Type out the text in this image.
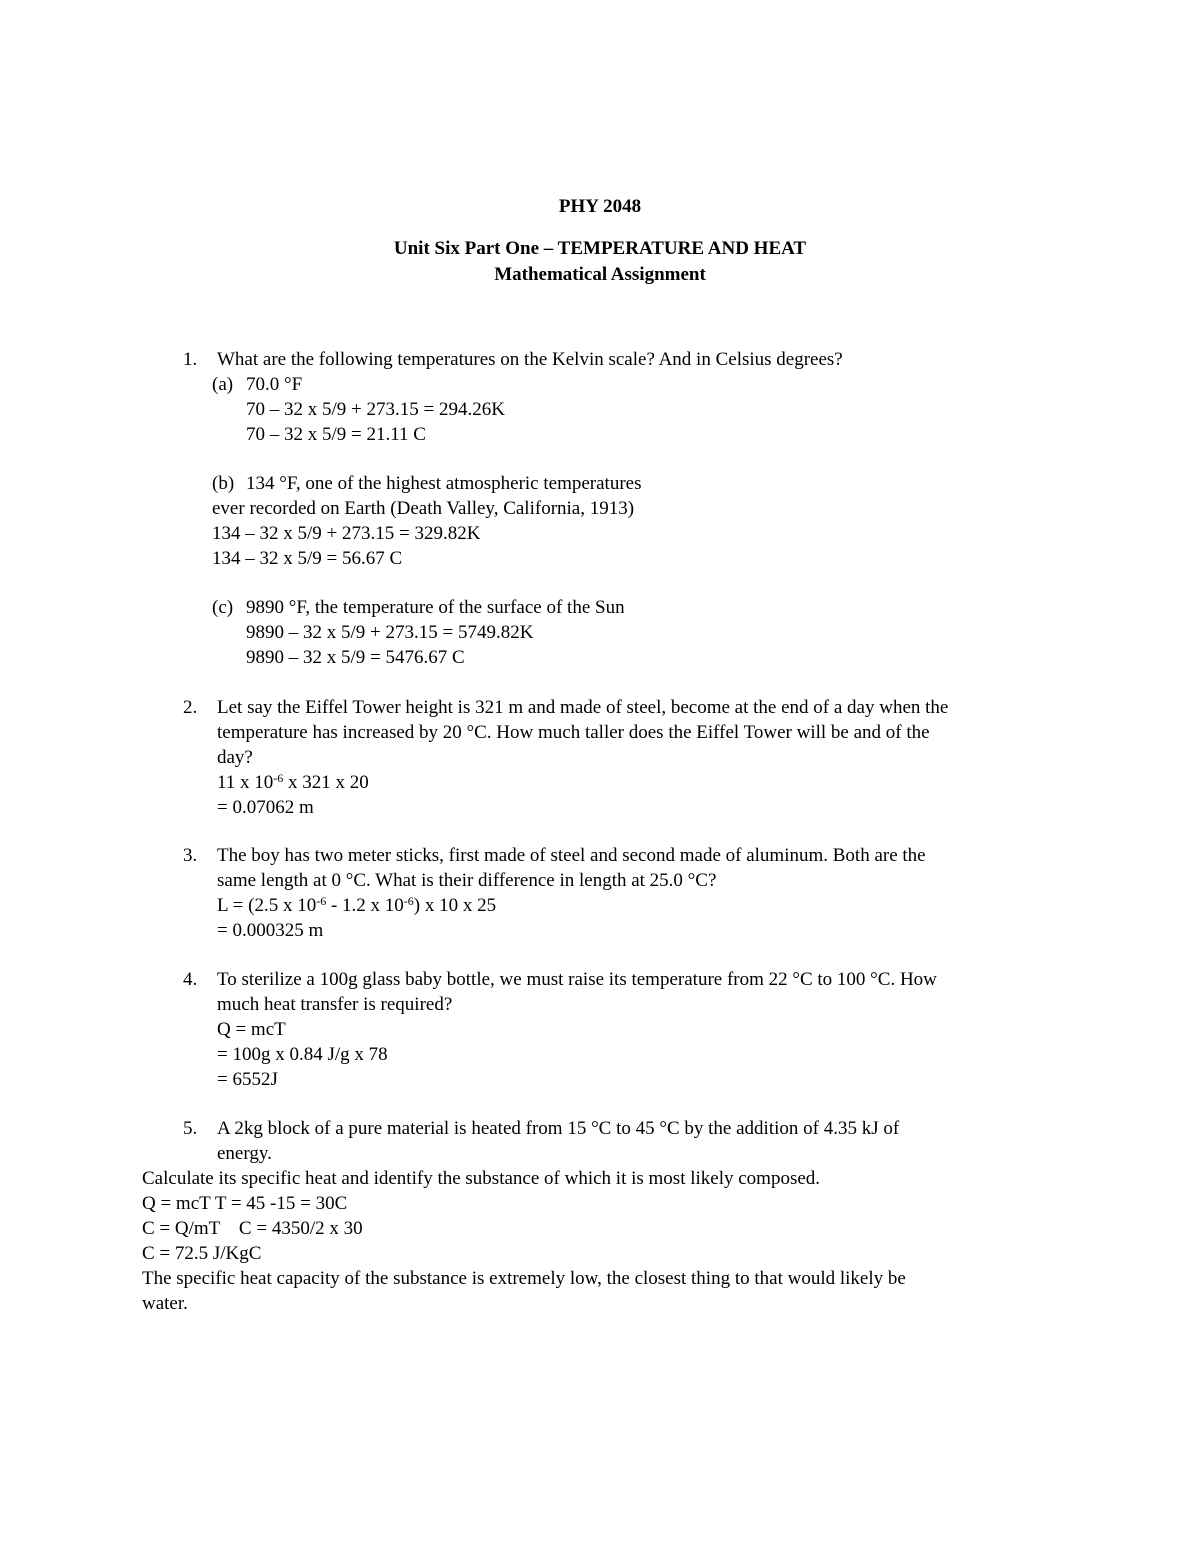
PHY 2048
Unit Six Part One – TEMPERATURE AND HEAT
Mathematical Assignment
1. What are the following temperatures on the Kelvin scale? And in Celsius degrees?
(a) 70.0 °F
70 – 32 x 5/9 + 273.15 = 294.26K
70 – 32 x 5/9 = 21.11 C
(b) 134 °F, one of the highest atmospheric temperatures
ever recorded on Earth (Death Valley, California, 1913)
134 – 32 x 5/9 + 273.15 = 329.82K
134 – 32 x 5/9 = 56.67 C
(c) 9890 °F, the temperature of the surface of the Sun
9890 – 32 x 5/9 + 273.15 = 5749.82K
9890 – 32 x 5/9 = 5476.67 C
2. Let say the Eiffel Tower height is 321 m and made of steel, become at the end of a day when the
temperature has increased by 20 °C. How much taller does the Eiffel Tower will be and of the
day?
11 x $10^{-6}$ x 321 x 20
= 0.07062 m
3. The boy has two meter sticks, first made of steel and second made of aluminum. Both are the
same length at 0 °C. What is their difference in length at 25.0 °C?
L = (2.5 x $10^{-6} - 1.2$ x $10^{-6}$) x 10 x 25
= 0.000325 m
4. To sterilize a 100g glass baby bottle, we must raise its temperature from 22 °C to 100 °C. How
much heat transfer is required?
Q = mcT
= 100g x 0.84 J/g x 78
= 6552J
5. A 2kg block of a pure material is heated from 15 °C to 45 °C by the addition of 4.35 kJ of
energy.
Calculate its specific heat and identify the substance of which it is most likely composed.
Q = mcT T = 45 -15 = 30C
C = Q/mT    C = 4350/2 x 30
C = 72.5 J/KgC
The specific heat capacity of the substance is extremely low, the closest thing to that would likely be
water.
